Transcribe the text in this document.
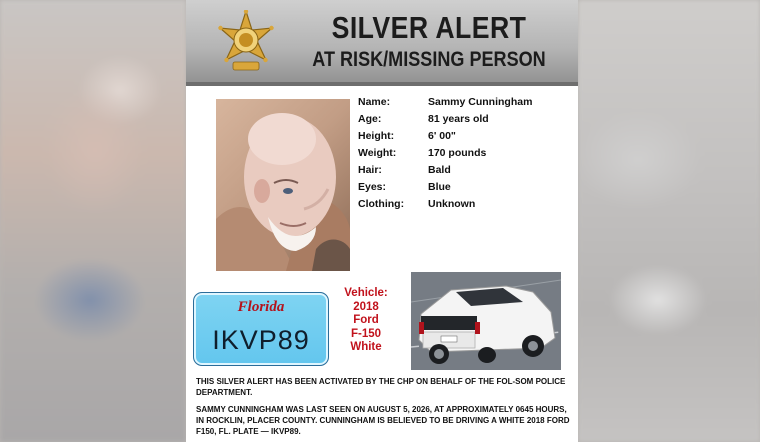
SILVER ALERT
AT RISK/MISSING PERSON
Name:	Sammy Cunningham
Age:	81 years old
Height:	6' 00"
Weight:	170 pounds
Hair:	Bald
Eyes:	Blue
Clothing:	Unknown
Florida
IKVP89
Vehicle:
2018
Ford
F-150
White

THIS SILVER ALERT HAS BEEN ACTIVATED BY THE CHP ON BEHALF OF THE FOL-SOM POLICE DEPARTMENT.

SAMMY CUNNINGHAM WAS LAST SEEN ON AUGUST 5, 2026, AT APPROXIMATELY 0645 HOURS, IN ROCKLIN, PLACER COUNTY. CUNNINGHAM IS BELIEVED TO BE DRIVING A WHITE 2018 FORD F150, FL. PLATE — IKVP89.
